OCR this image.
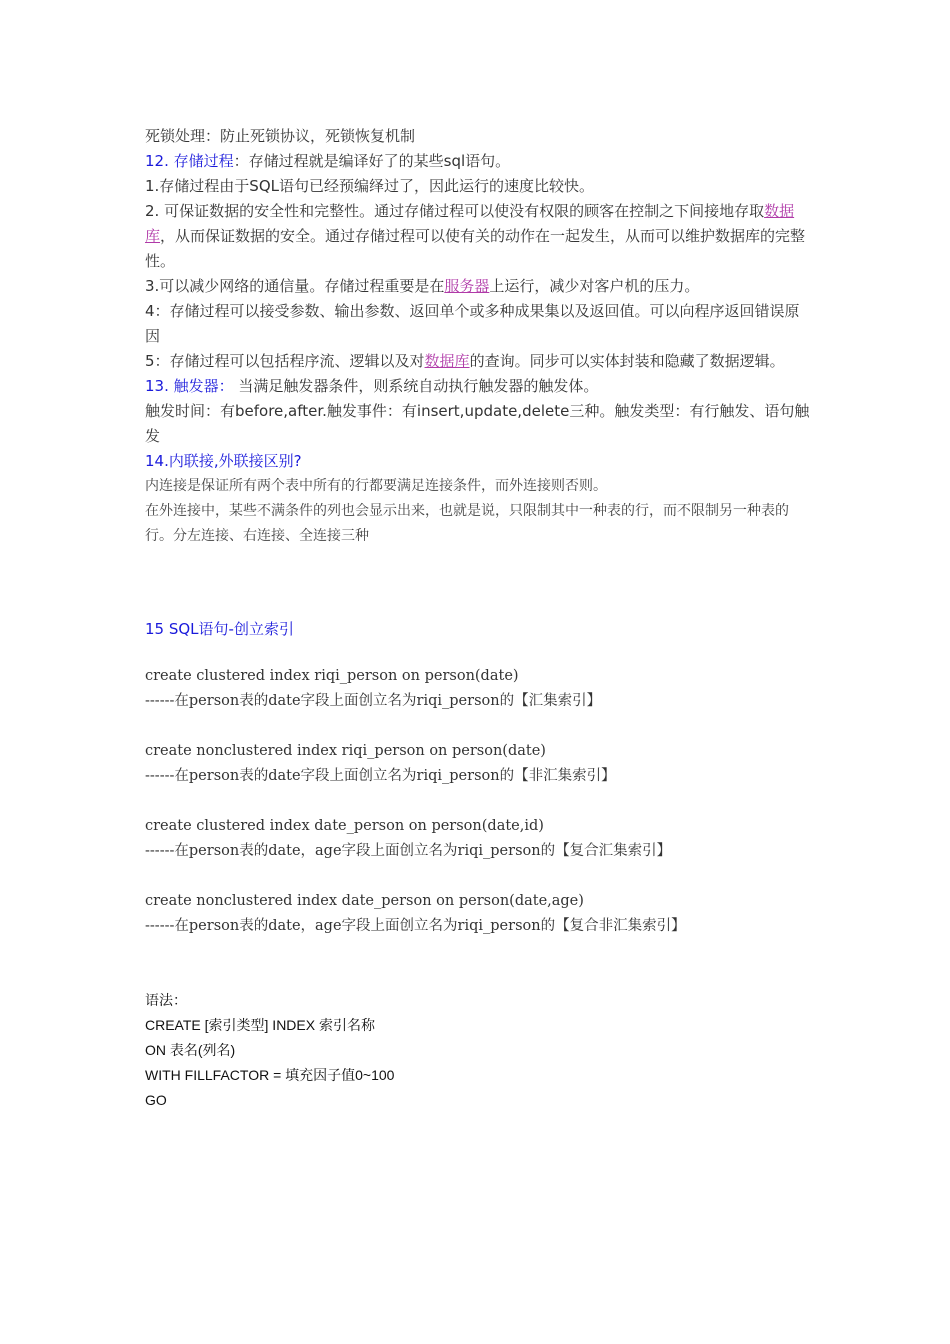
死锁处理：防止死锁协议，死锁恢复机制
12. 存储过程：存储过程就是编译好了的某些sql语句。
1.存储过程由于SQL语句已经预编绎过了，因此运行的速度比较快。
2. 可保证数据的安全性和完整性。通过存储过程可以使没有权限的顾客在控制之下间接地存取数据库，从而保证数据的安全。通过存储过程可以使有关的动作在一起发生，从而可以维护数据库的完整性。
3.可以减少网络的通信量。存储过程重要是在服务器上运行，减少对客户机的压力。
4：存储过程可以接受参数、输出参数、返回单个或多种成果集以及返回值。可以向程序返回错误原因
5：存储过程可以包括程序流、逻辑以及对数据库的查询。同步可以实体封装和隐藏了数据逻辑。
13. 触发器： 当满足触发器条件，则系统自动执行触发器的触发体。
触发时间：有before,after.触发事件：有insert,update,delete三种。触发类型：有行触发、语句触发
14.内联接,外联接区别?
内连接是保证所有两个表中所有的行都要满足连接条件，而外连接则否则。
在外连接中，某些不满条件的列也会显示出来，也就是说，只限制其中一种表的行，而不限制另一种表的行。分左连接、右连接、全连接三种
15 SQL语句-创立索引
create clustered index riqi_person on person(date)
------在person表的date字段上面创立名为riqi_person的【汇集索引】
create nonclustered index riqi_person on person(date)
------在person表的date字段上面创立名为riqi_person的【非汇集索引】
create clustered index date_person on person(date,id)
------在person表的date，age字段上面创立名为riqi_person的【复合汇集索引】
create nonclustered index date_person on person(date,age)
------在person表的date，age字段上面创立名为riqi_person的【复合非汇集索引】
语法：
CREATE [索引类型] INDEX 索引名称
ON 表名(列名)
WITH FILLFACTOR = 填充因子值0~100
GO
